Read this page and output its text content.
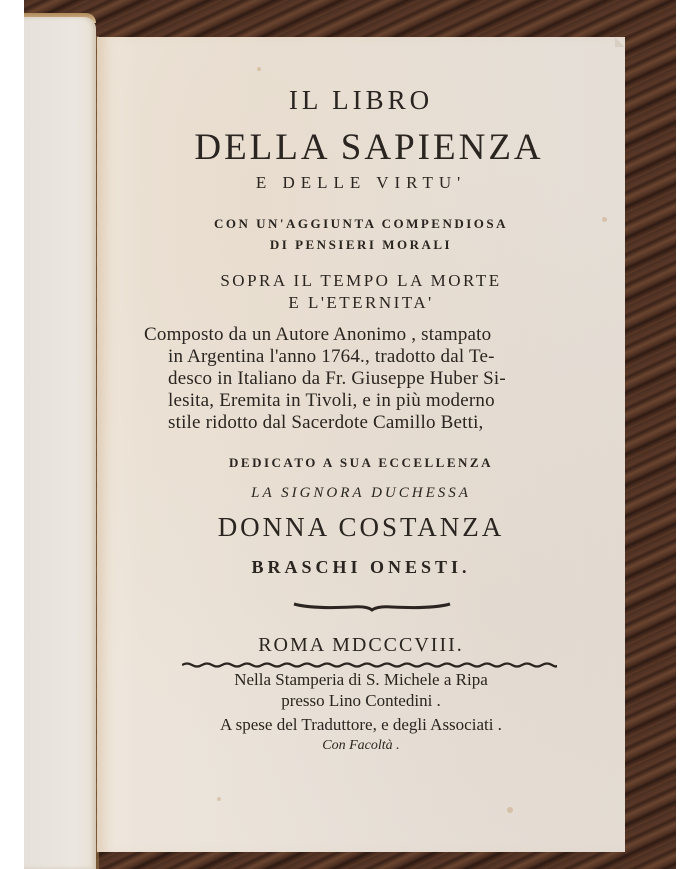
IL LIBRO
DELLA SAPIENZA
E DELLE VIRTU'
CON UN'AGGIUNTA COMPENDIOSA
DI PENSIERI MORALI
SOPRA IL TEMPO LA MORTE
E L'ETERNITA'
Composto da un Autore Anonimo , stampato
in Argentina l'anno 1764., tradotto dal Te-
desco in Italiano da Fr. Giuseppe Huber Si-
lesita, Eremita in Tivoli, e in più moderno
stile ridotto dal Sacerdote Camillo Betti,
DEDICATO A SUA ECCELLENZA
LA SIGNORA DUCHESSA
DONNA COSTANZA
BRASCHI ONESTI.
ROMA MDCCCVIII.
Nella Stamperia di S. Michele a Ripa
presso Lino Contedini .
A spese del Traduttore, e degli Associati .
Con Facoltà .
